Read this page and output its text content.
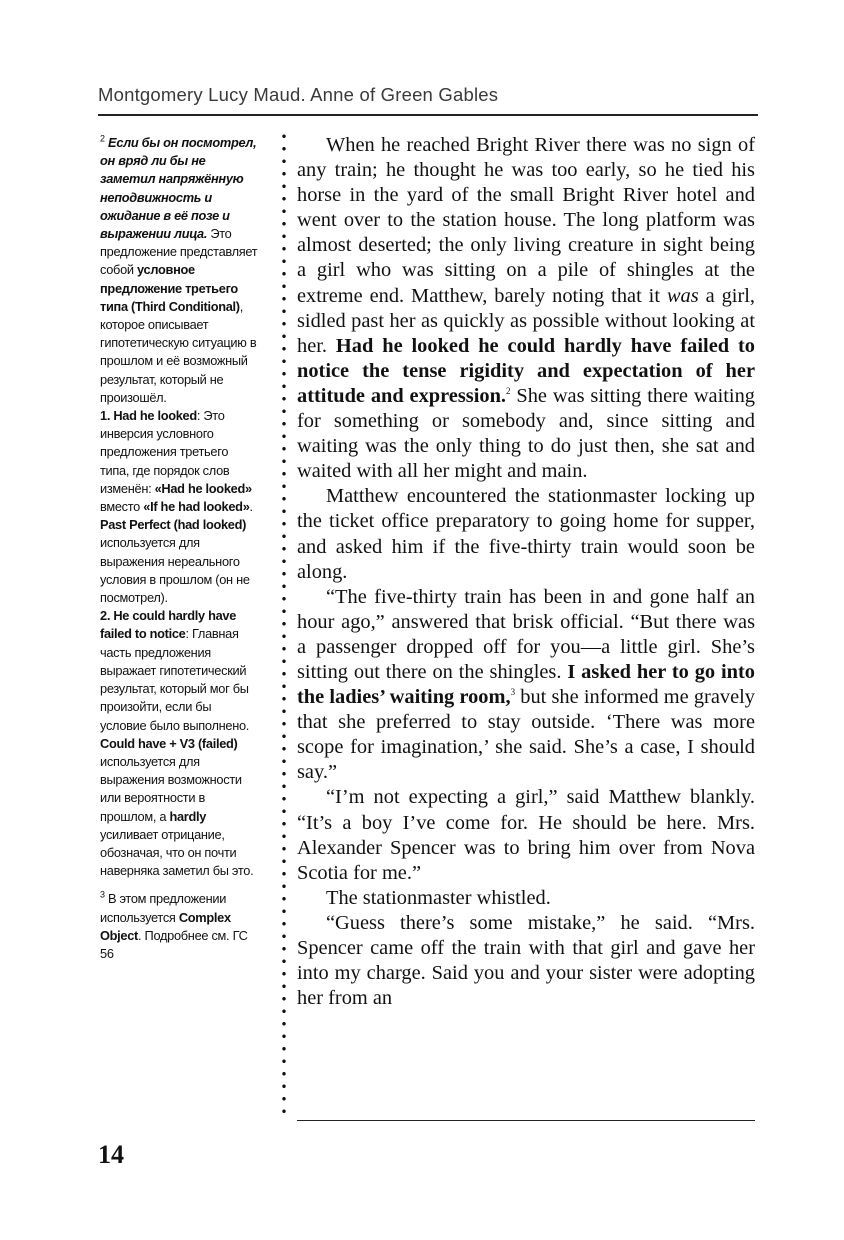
Montgomery Lucy Maud. Anne of Green Gables

$^2$ Если бы он посмотрел, он вряд ли бы не заметил напряжённую неподвижность и ожидание в её позе и выражении лица. Это предложение представляет собой условное предложение третьего типа (Third Conditional), которое описывает гипотетическую ситуацию в прошлом и её возможный результат, который не произошёл.
1. Had he looked: Это инверсия условного предложения третьего типа, где порядок слов изменён: «Had he looked» вместо «If he had looked». Past Perfect (had looked) используется для выражения нереального условия в прошлом (он не посмотрел).
2. He could hardly have failed to notice: Главная часть предложения выражает гипотетический результат, который мог бы произойти, если бы условие было выполнено.
Could have + V3 (failed) используется для выражения возможности или вероятности в прошлом, а hardly усиливает отрицание, обозначая, что он почти наверняка заметил бы это.

$^3$ В этом предложении используется Complex Object. Подробнее см. ГС 56

When he reached Bright River there was no sign of any train; he thought he was too early, so he tied his horse in the yard of the small Bright River hotel and went over to the station house. The long platform was almost deserted; the only living creature in sight being a girl who was sitting on a pile of shingles at the extreme end. Matthew, barely noting that it was a girl, sidled past her as quickly as possible without looking at her. Had he looked he could hardly have failed to notice the tense rigidity and expectation of her attitude and expression.$^2$ She was sitting there waiting for something or somebody and, since sitting and waiting was the only thing to do just then, she sat and waited with all her might and main.

Matthew encountered the stationmaster locking up the ticket office preparatory to going home for supper, and asked him if the five-thirty train would soon be along.

“The five-thirty train has been in and gone half an hour ago,” answered that brisk official. “But there was a passenger dropped off for you—a little girl. She’s sitting out there on the shingles. I asked her to go into the ladies’ waiting room,$^3$ but she informed me gravely that she preferred to stay outside. ‘There was more scope for imagination,’ she said. She’s a case, I should say.”

“I’m not expecting a girl,” said Matthew blankly. “It’s a boy I’ve come for. He should be here. Mrs. Alexander Spencer was to bring him over from Nova Scotia for me.”

The stationmaster whistled.

“Guess there’s some mistake,” he said. “Mrs. Spencer came off the train with that girl and gave her into my charge. Said you and your sister were adopting her from an

14
